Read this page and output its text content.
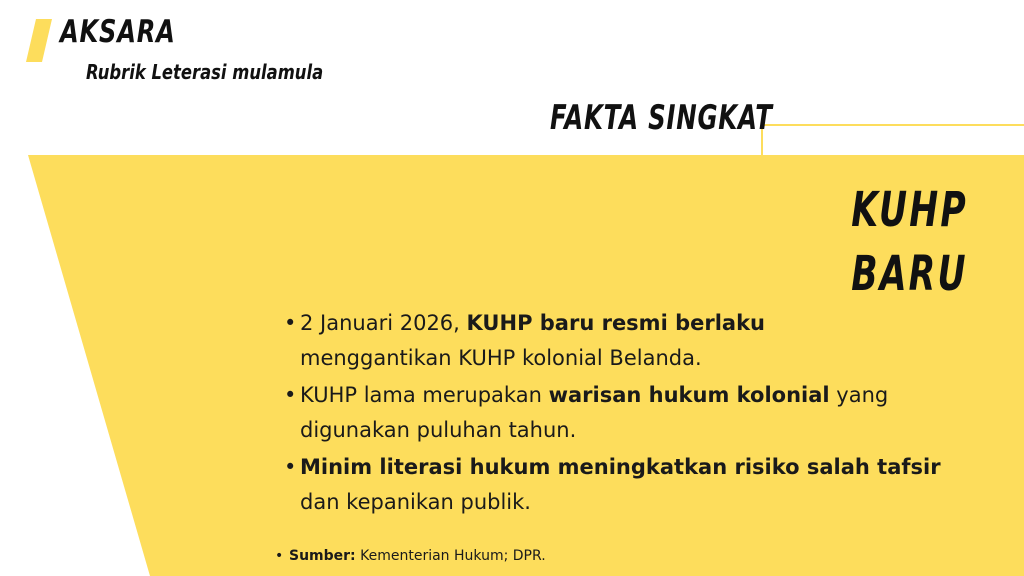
AKSARA
Rubrik Leterasi mulamula
FAKTA SINGKAT
KUHP
BARU
• 2 Januari 2026, KUHP baru resmi berlaku
menggantikan KUHP kolonial Belanda.
• KUHP lama merupakan warisan hukum kolonial yang digunakan puluhan tahun.
• Minim literasi hukum meningkatkan risiko salah tafsir
dan kepanikan publik.
• Sumber: Kementerian Hukum; DPR.
